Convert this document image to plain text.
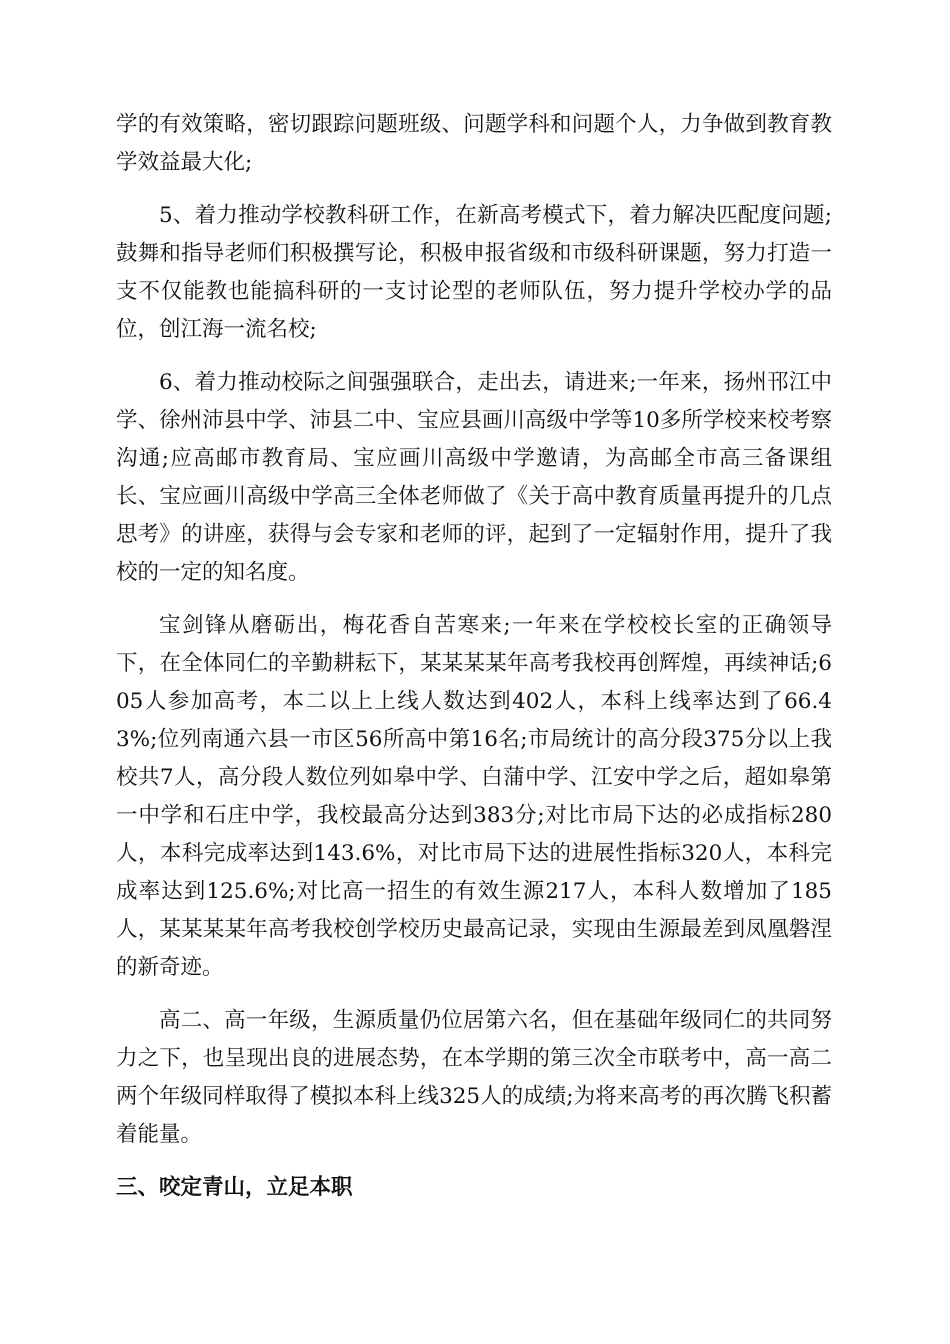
学的有效策略，密切跟踪问题班级、问题学科和问题个人，力争做到教育教学效益最大化;

5、着力推动学校教科研工作，在新高考模式下，着力解决匹配度问题;鼓舞和指导老师们积极撰写论，积极申报省级和市级科研课题，努力打造一支不仅能教也能搞科研的一支讨论型的老师队伍，努力提升学校办学的品位，创江海一流名校;

6、着力推动校际之间强强联合，走出去，请进来;一年来，扬州邗江中学、徐州沛县中学、沛县二中、宝应县画川高级中学等10多所学校来校考察沟通;应高邮市教育局、宝应画川高级中学邀请，为高邮全市高三备课组长、宝应画川高级中学高三全体老师做了《关于高中教育质量再提升的几点思考》的讲座，获得与会专家和老师的评，起到了一定辐射作用，提升了我校的一定的知名度。

宝剑锋从磨砺出，梅花香自苦寒来;一年来在学校校长室的正确领导下，在全体同仁的辛勤耕耘下，某某某某年高考我校再创辉煌，再续神话;605人参加高考，本二以上上线人数达到402人，本科上线率达到了66.43%;位列南通六县一市区56所高中第16名;市局统计的高分段375分以上我校共7人，高分段人数位列如皋中学、白蒲中学、江安中学之后，超如皋第一中学和石庄中学，我校最高分达到383分;对比市局下达的必成指标280人，本科完成率达到143.6%，对比市局下达的进展性指标320人，本科完成率达到125.6%;对比高一招生的有效生源217人，本科人数增加了185人，某某某某年高考我校创学校历史最高记录，实现由生源最差到凤凰磐涅的新奇迹。

高二、高一年级，生源质量仍位居第六名，但在基础年级同仁的共同努力之下，也呈现出良的进展态势，在本学期的第三次全市联考中，高一高二两个年级同样取得了模拟本科上线325人的成绩;为将来高考的再次腾飞积蓄着能量。

三、咬定青山，立足本职
